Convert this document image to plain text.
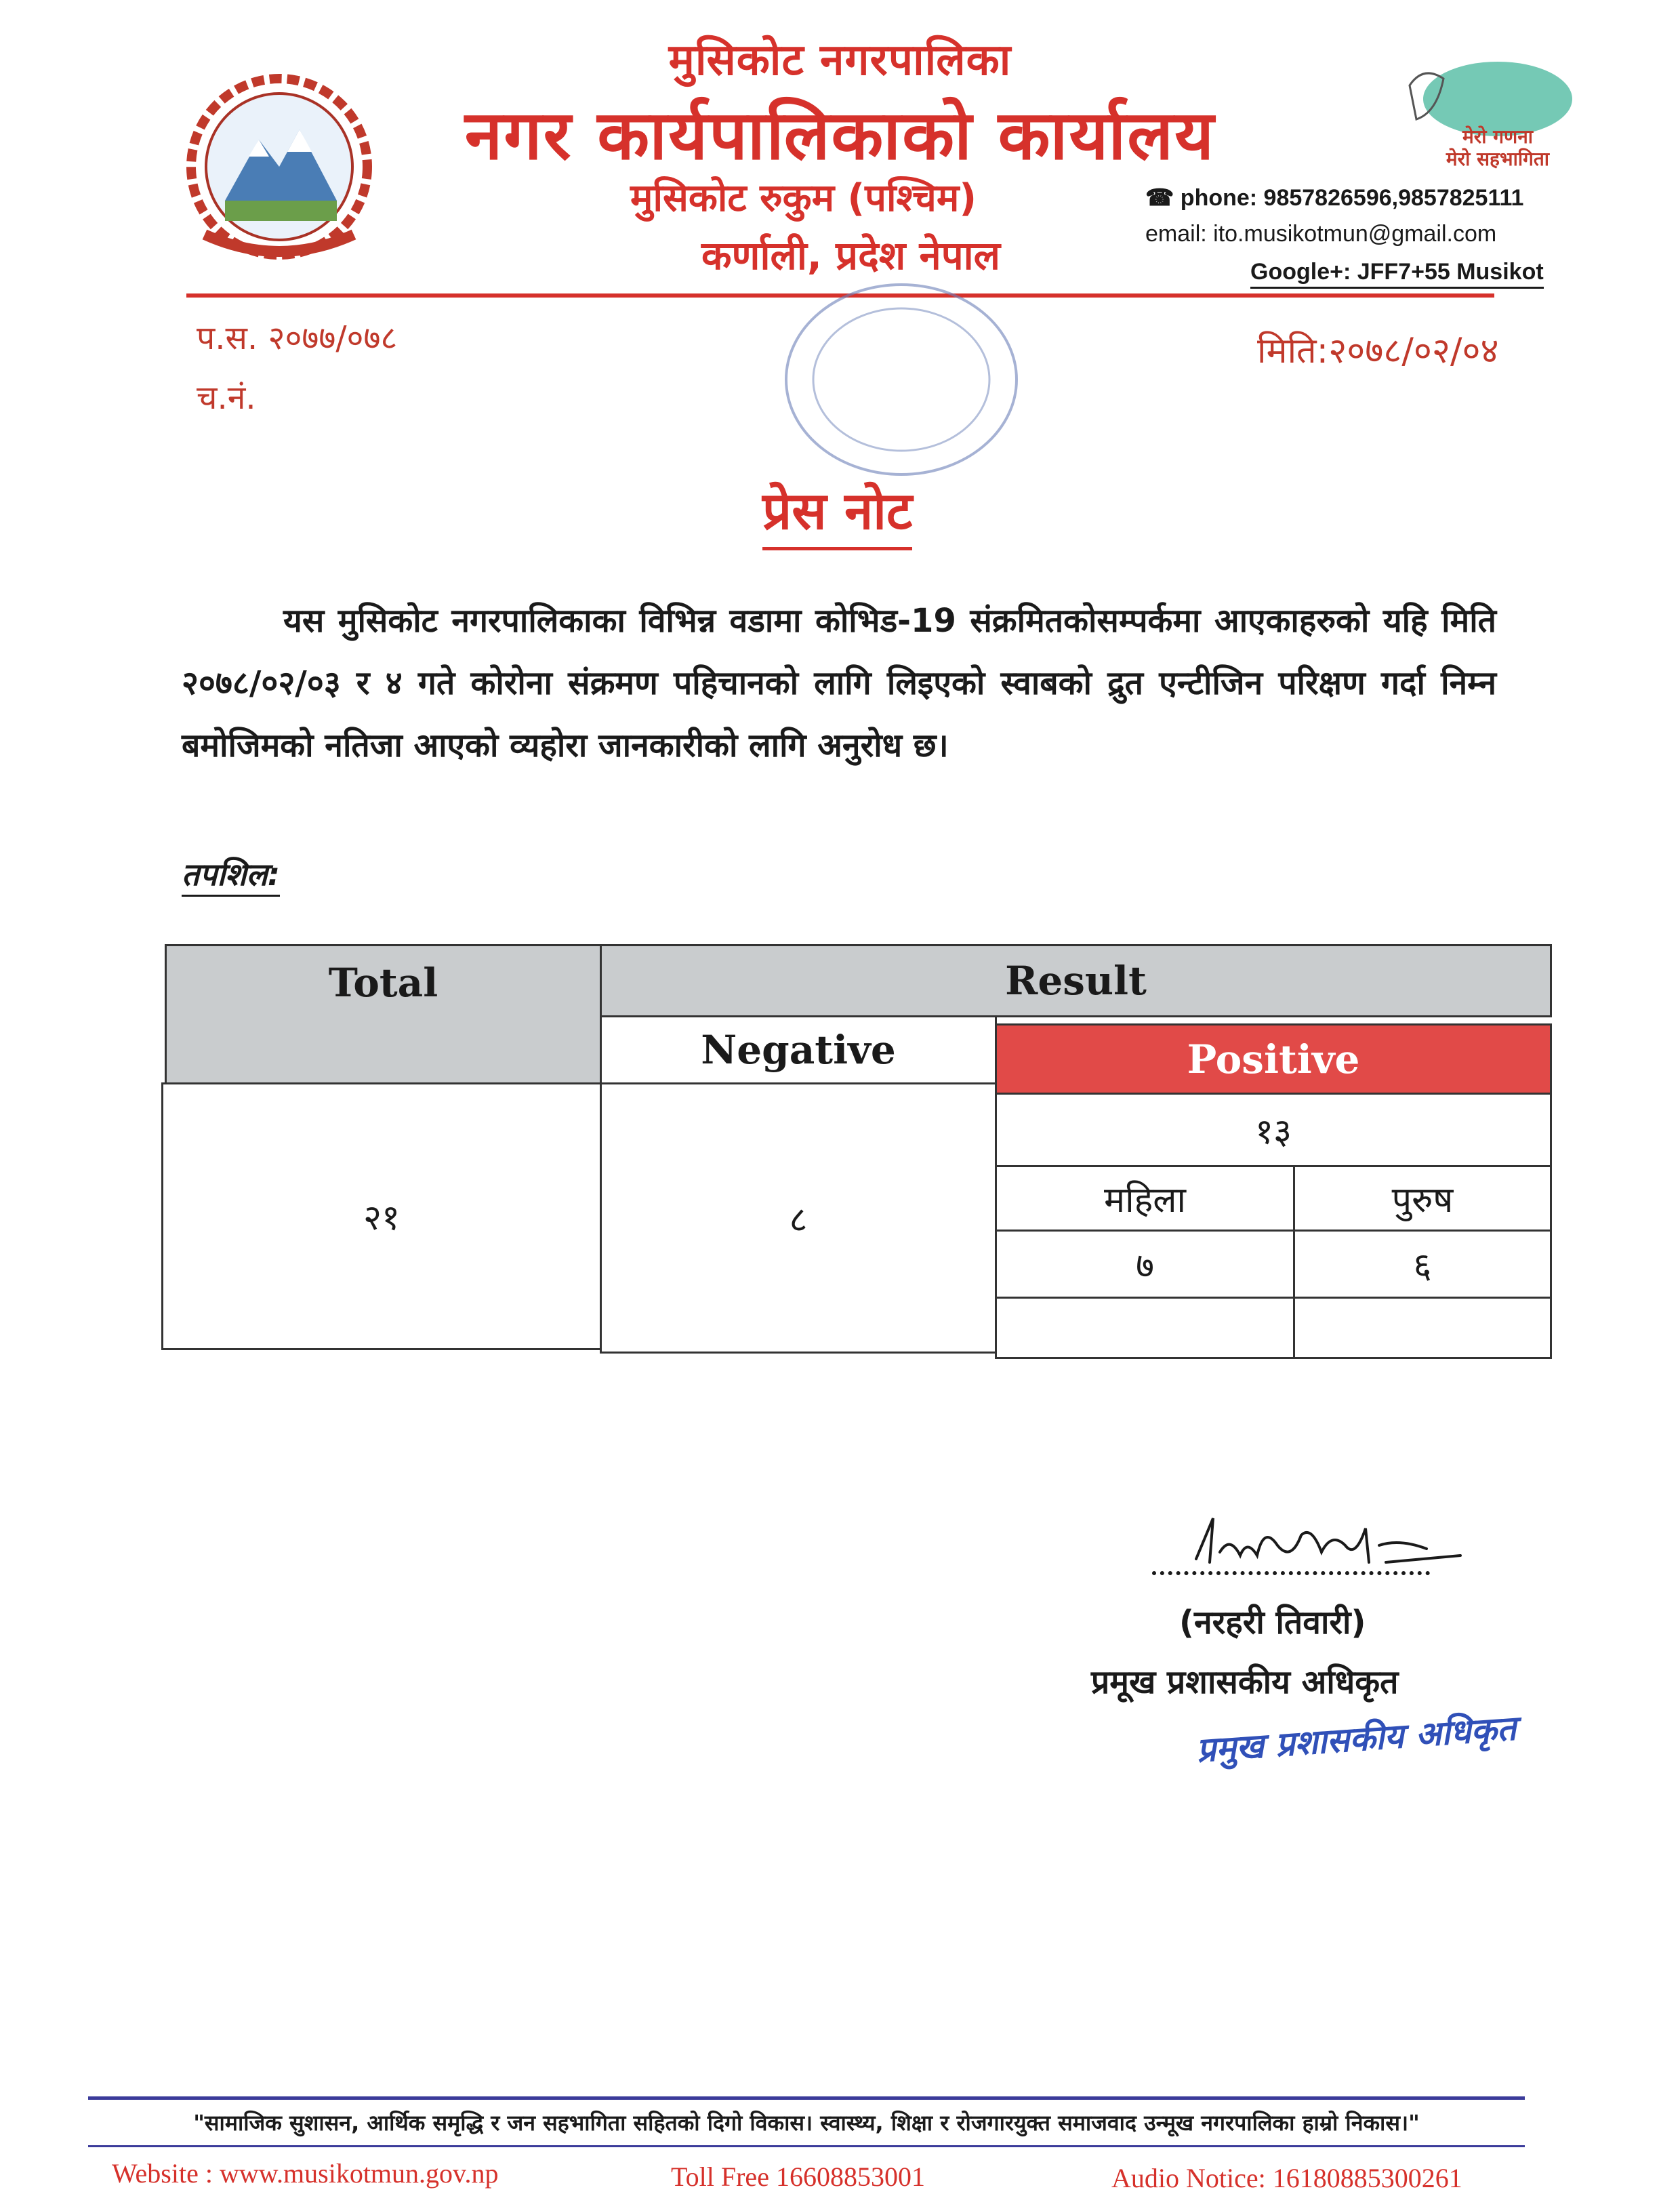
मुसिकोट नगरपालिका
नगर कार्यपालिकाको कार्यालय
मुसिकोट रुकुम (पश्चिम)
कर्णाली, प्रदेश नेपाल
मेरो गणना
मेरो सहभागिता
☎ phone: 9857826596,9857825111
email: ito.musikotmun@gmail.com
Google+: JFF7+55 Musikot
प.स. २०७७/०७८
च.नं.
मिति:२०७८/०२/०४
प्रेस नोट
यस मुसिकोट नगरपालिकाका विभिन्न वडामा कोभिड-19 संक्रमितकोसम्पर्कमा आएकाहरुको यहि मिति २०७८/०२/०३ र ४ गते कोरोना संक्रमण पहिचानको लागि लिइएको स्वाबको द्रुत एन्टीजिन परिक्षण गर्दा निम्न बमोजिमको नतिजा आएको व्यहोरा जानकारीको लागि अनुरोध छ।
तपशिल:
Total	Result
Negative	Positive
२१	८
१३
महिला	पुरुष
७	६
(नरहरी तिवारी)
प्रमूख प्रशासकीय अधिकृत
प्रमुख प्रशासकीय अधिकृत
"सामाजिक सुशासन, आर्थिक समृद्धि र जन सहभागिता सहितको दिगो विकास। स्वास्थ्य, शिक्षा र रोजगारयुक्त समाजवाद उन्मूख नगरपालिका हाम्रो निकास।"
Website : www.musikotmun.gov.np	Toll Free 16608853001	Audio Notice: 16180885300261
